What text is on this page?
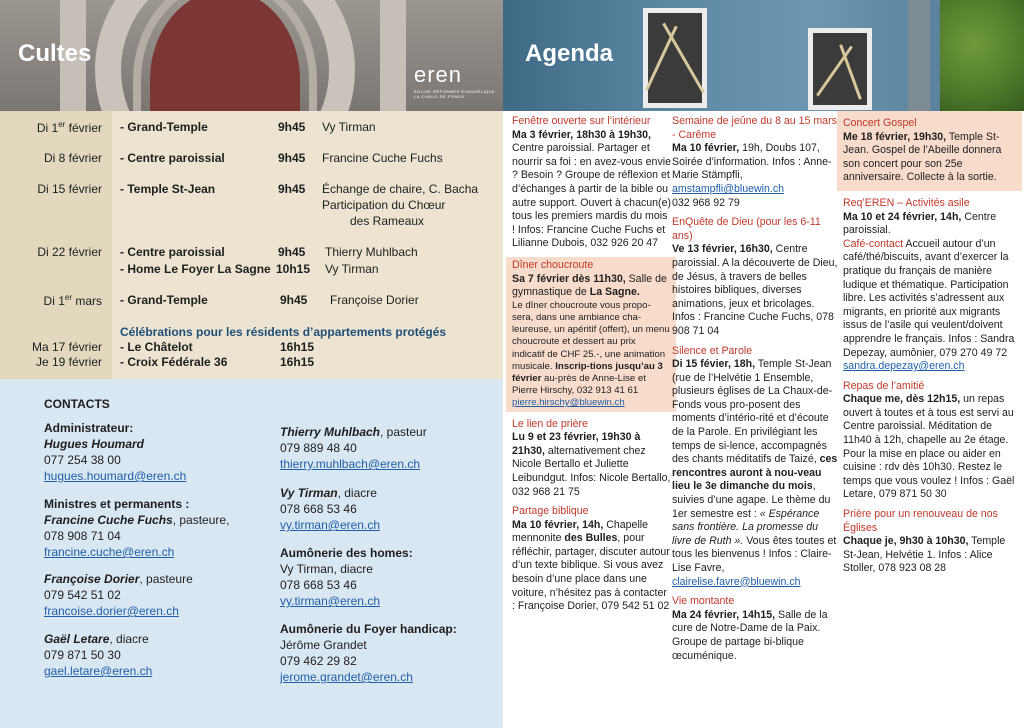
Cultes
eren
ÉGLISE RÉFORMÉE ÉVANGÉLIQUE · LA CHAUX-DE-FONDS
Agenda
Di 1er février - Grand-Temple	9h45 Vy Tirman
Di 8 février - Centre paroissial	9h45 Francine Cuche Fuchs
Di 15 février - Temple St-Jean	9h45 Échange de chaire, C. Bacha
Participation du Chœur
des Rameaux
Di 22 février - Centre paroissial	9h45 Thierry Muhlbach
- Home Le Foyer La Sagne 10h15 Vy Tirman
Di 1er mars - Grand-Temple	9h45 Françoise Dorier
Célébrations pour les résidents d’appartements protégés
Ma 17 février - Le Châtelot	16h15
Je 19 février - Croix Fédérale 36	16h15
CONTACTS
Administrateur:
Hugues Houmard
077 254 38 00
hugues.houmard@eren.ch
Ministres et permanents :
Francine Cuche Fuchs, pasteure,
078 908 71 04
francine.cuche@eren.ch
Françoise Dorier, pasteure
079 542 51 02
francoise.dorier@eren.ch
Gaël Letare, diacre
079 871 50 30
gael.letare@eren.ch
Thierry Muhlbach, pasteur
079 889 48 40
thierry.muhlbach@eren.ch
Vy Tirman, diacre
078 668 53 46
vy.tirman@eren.ch
Aumônerie des homes:
Vy Tirman, diacre
078 668 53 46
vy.tirman@eren.ch
Aumônerie du Foyer handicap:
Jérôme Grandet
079 462 29 82
jerome.grandet@eren.ch
Fenêtre ouverte sur l’intérieur
Ma 3 février, 18h30 à 19h30,
Centre paroissial. Partager et nourrir sa foi : en avez-vous envie ? Besoin ? Groupe de réflexion et d’échanges à partir de la bible ou autre support. Ouvert à chacun(e) tous les premiers mardis du mois ! Infos: Francine Cuche Fuchs et Lilianne Dubois, 032 926 20 47
Dîner choucroute
Sa 7 février dès 11h30, Salle de gymnastique de La Sagne.
Le dîner choucroute vous propo-sera, dans une ambiance cha-leureuse, un apéritif (offert), un menu choucroute et dessert au prix indicatif de CHF 25.-, une animation musicale. Inscrip-tions jusqu’au 3 février au-près de Anne-Lise et Pierre Hirschy, 032 913 41 61
pierre.hirschy@bluewin.ch
Le lien de prière
Lu 9 et 23 février, 19h30 à 21h30, alternativement chez Nicole Bertallo et Juliette Leibundgut. Infos: Nicole Bertallo, 032 968 21 75
Partage biblique
Ma 10 février, 14h, Chapelle mennonite des Bulles, pour réfléchir, partager, discuter autour d’un texte biblique. Si vous avez besoin d’une place dans une voiture, n’hésitez pas à contacter : Françoise Dorier, 079 542 51 02
Semaine de jeûne du 8 au 15 mars - Carême
Ma 10 février, 19h, Doubs 107, Soirée d’information. Infos : Anne-Marie Stämpfli,
amstampfli@bluewin.ch
032 968 92 79
EnQuête de Dieu (pour les 6-11 ans)
Ve 13 février, 16h30, Centre paroissial. A la découverte de Dieu, de Jésus, à travers de belles histoires bibliques, diverses animations, jeux et bricolages. Infos : Francine Cuche Fuchs, 078 908 71 04
Silence et Parole
Di 15 févier, 18h, Temple St-Jean (rue de l’Helvétie 1 Ensemble, plusieurs églises de La Chaux-de-Fonds vous pro-posent des moments d’intério-rité et d’écoute de la Parole. En privilégiant les temps de si-lence, accompagnés des chants méditatifs de Taizé, ces rencontres auront à nou-veau lieu le 3e dimanche du mois, suivies d’une agape. Le thème du 1er semestre est : « Espérance sans frontière. La promesse du livre de Ruth ». Vous êtes toutes et tous les bienvenus ! Infos : Claire-Lise Favre,
clairelise.favre@bluewin.ch
Vie montante
Ma 24 février, 14h15, Salle de la cure de Notre-Dame de la Paix. Groupe de partage bi-blique œcuménique.
Concert Gospel
Me 18 février, 19h30, Temple St-Jean. Gospel de l’Abeille donnera son concert pour son 25e anniversaire. Collecte à la sortie.
Req’EREN – Activités asile
Ma 10 et 24 février, 14h, Centre paroissial.
Café-contact Accueil autour d’un café/thé/biscuits, avant d’exercer la pratique du français de manière ludique et thématique. Participation libre. Les activités s’adressent aux migrants, en priorité aux migrants issus de l’asile qui veulent/doivent apprendre le français. Infos : Sandra Depezay, aumônier, 079 270 49 72
sandra.depezay@eren.ch
Repas de l’amitié
Chaque me, dès 12h15, un repas ouvert à toutes et à tous est servi au Centre paroissial. Méditation de 11h40 à 12h, chapelle au 2e étage. Pour la mise en place ou aider en cuisine : rdv dès 10h30. Restez le temps que vous voulez ! Infos : Gaël Letare, 079 871 50 30
Prière pour un renouveau de nos Églises
Chaque je, 9h30 à 10h30, Temple St-Jean, Helvétie 1. Infos : Alice Stoller, 078 923 08 28
